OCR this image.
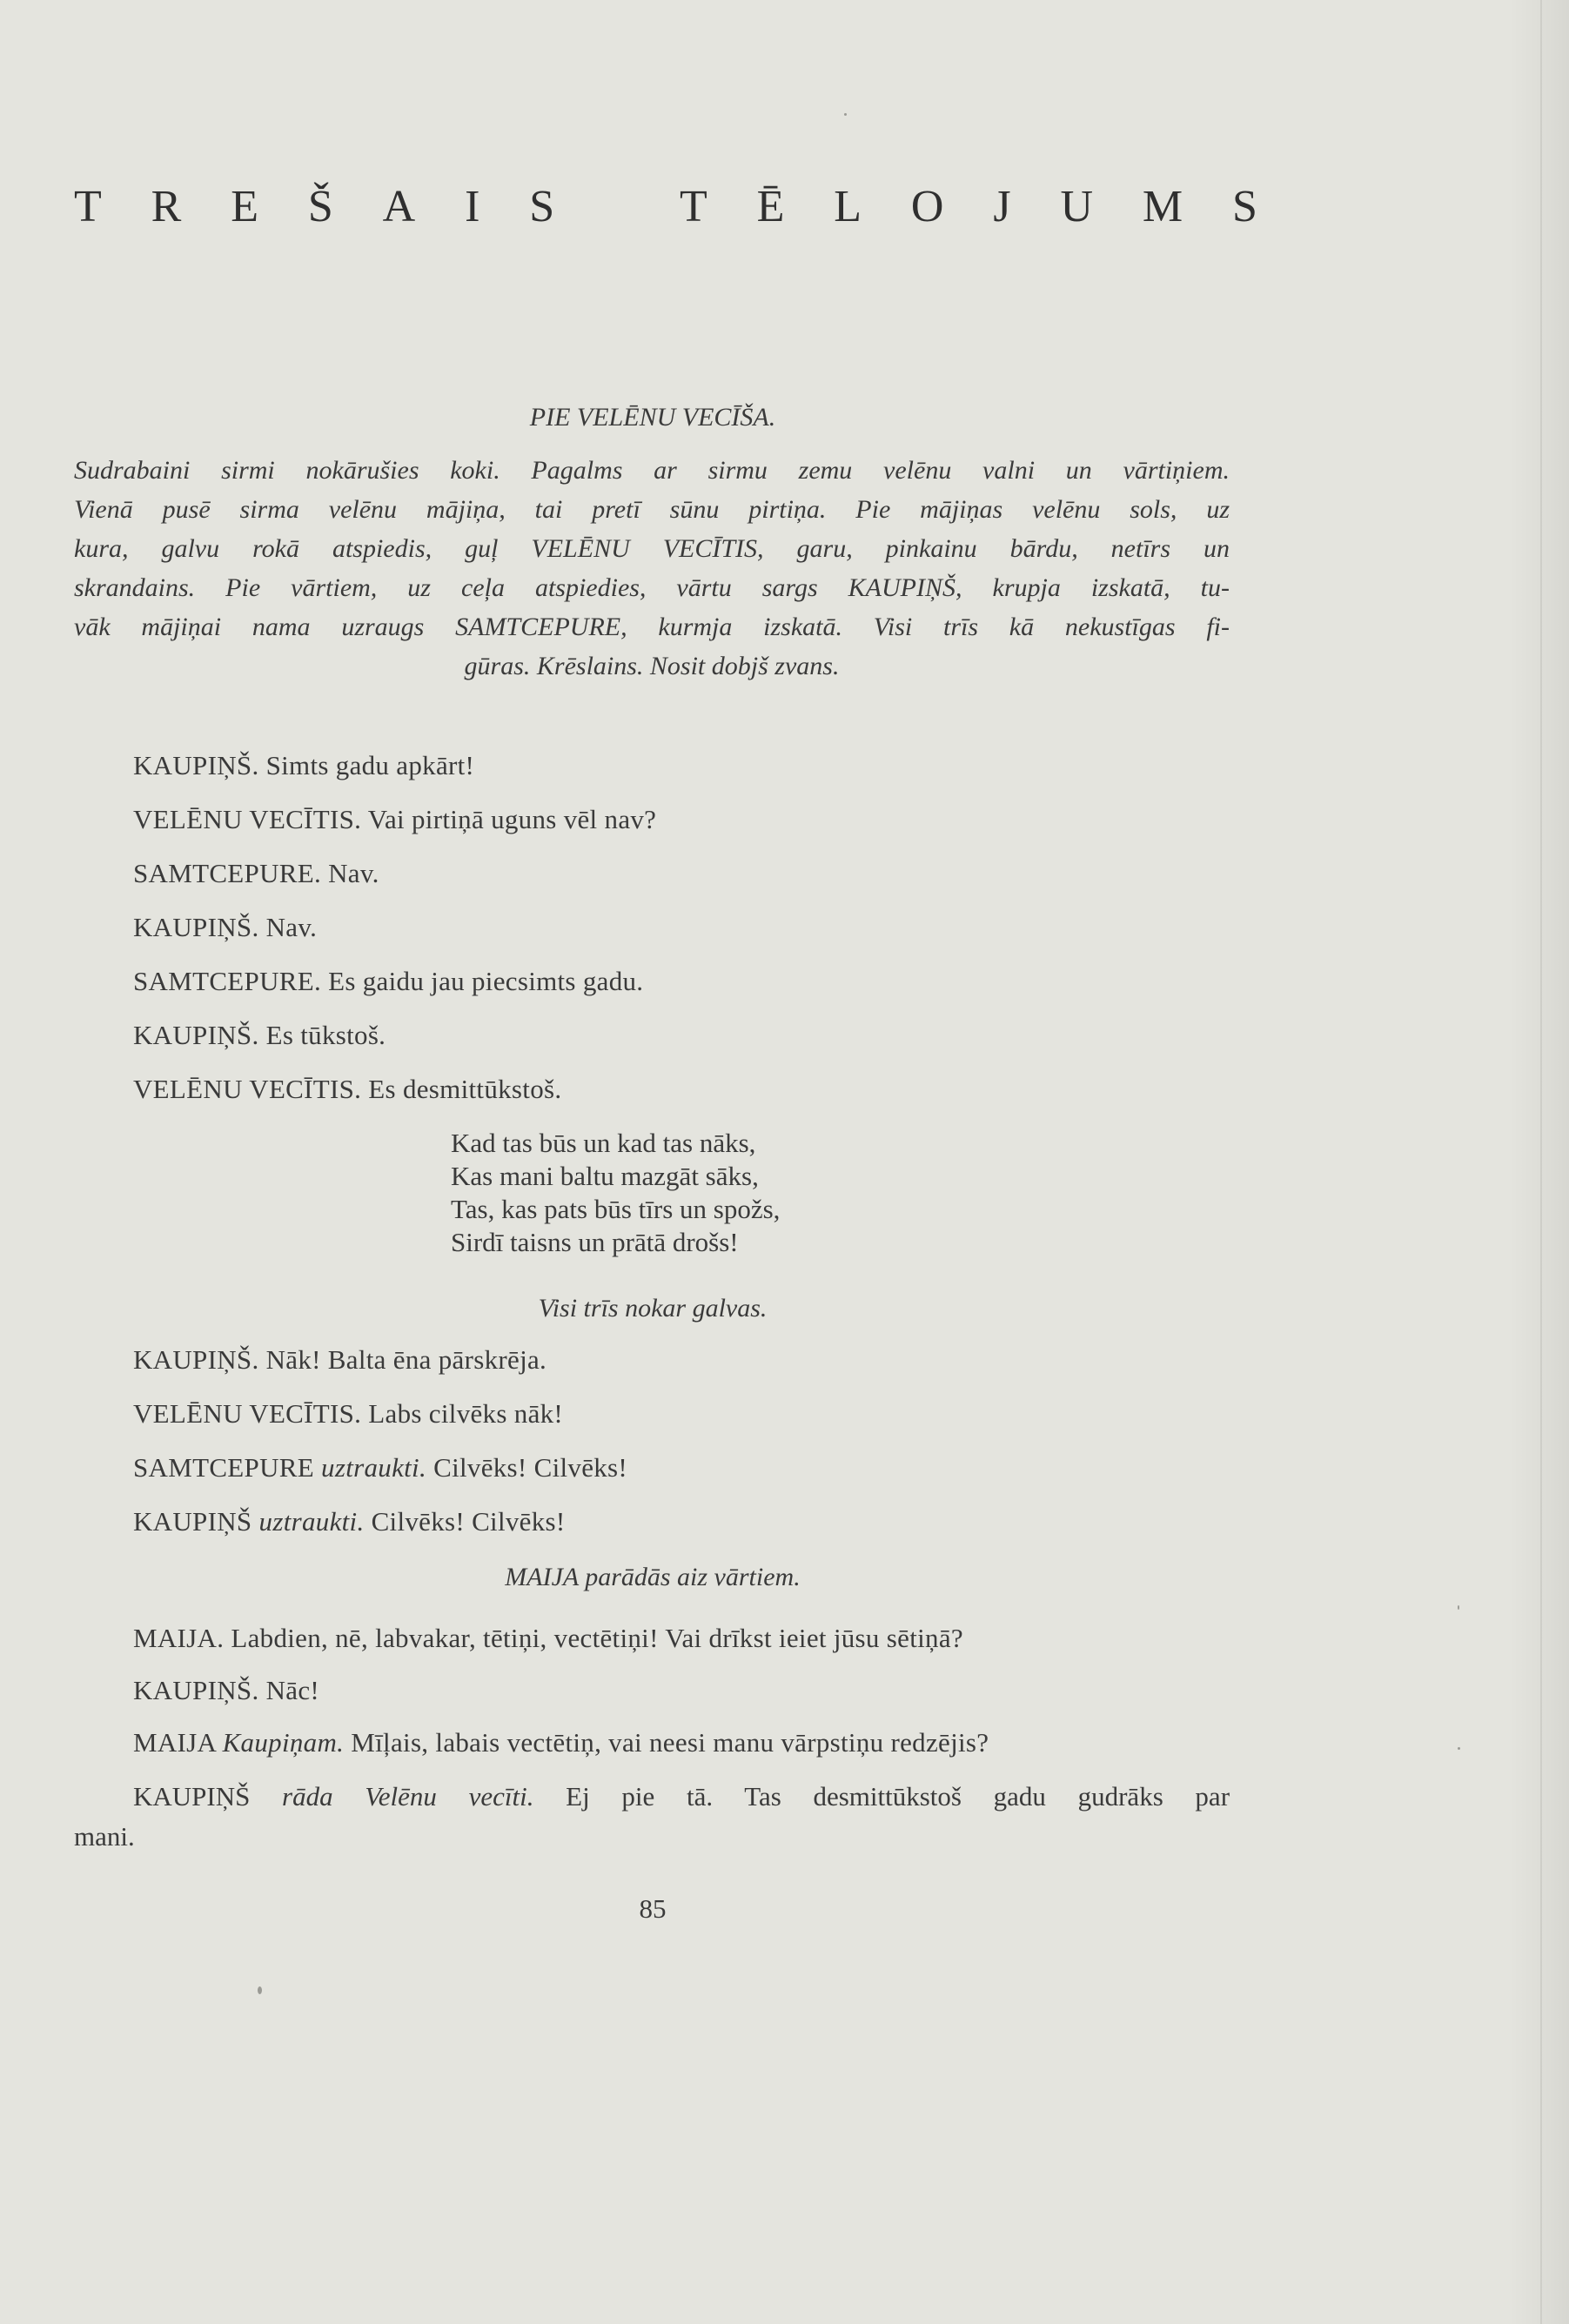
T R E Š A I S	T Ē L O J U M S
PIE VELĒNU VECĪŠA.
Sudrabaini sirmi nokārušies koki. Pagalms ar sirmu zemu velēnu valni un vārtiņiem.
Vienā pusē sirma velēnu mājiņa, tai pretī sūnu pirtiņa. Pie mājiņas velēnu sols, uz
kura, galvu rokā atspiedis, guļ VELĒNU VECĪTIS, garu, pinkainu bārdu, netīrs un
skrandains. Pie vārtiem, uz ceļa atspiedies, vārtu sargs KAUPIŅŠ, krupja izskatā, tu-
vāk mājiņai nama uzraugs SAMTCEPURE, kurmja izskatā. Visi trīs kā nekustīgas fi-
gūras. Krēslains. Nosit dobjš zvans.
KAUPIŅŠ. Simts gadu apkārt!
VELĒNU VECĪTIS. Vai pirtiņā uguns vēl nav?
SAMTCEPURE. Nav.
KAUPIŅŠ. Nav.
SAMTCEPURE. Es gaidu jau piecsimts gadu.
KAUPIŅŠ. Es tūkstoš.
VELĒNU VECĪTIS. Es desmittūkstoš.
Kad tas būs un kad tas nāks,
Kas mani baltu mazgāt sāks,
Tas, kas pats būs tīrs un spožs,
Sirdī taisns un prātā drošs!
Visi trīs nokar galvas.
KAUPIŅŠ. Nāk! Balta ēna pārskrēja.
VELĒNU VECĪTIS. Labs cilvēks nāk!
SAMTCEPURE uztraukti. Cilvēks! Cilvēks!
KAUPIŅŠ uztraukti. Cilvēks! Cilvēks!
MAIJA parādās aiz vārtiem.
MAIJA. Labdien, nē, labvakar, tētiņi, vectētiņi! Vai drīkst ieiet jūsu sētiņā?
KAUPIŅŠ. Nāc!
MAIJA Kaupiņam. Mīļais, labais vectētiņ, vai neesi manu vārpstiņu redzējis?
KAUPIŅŠ rāda Velēnu vecīti. Ej pie tā. Tas desmittūkstoš gadu gudrāks par
mani.
85
